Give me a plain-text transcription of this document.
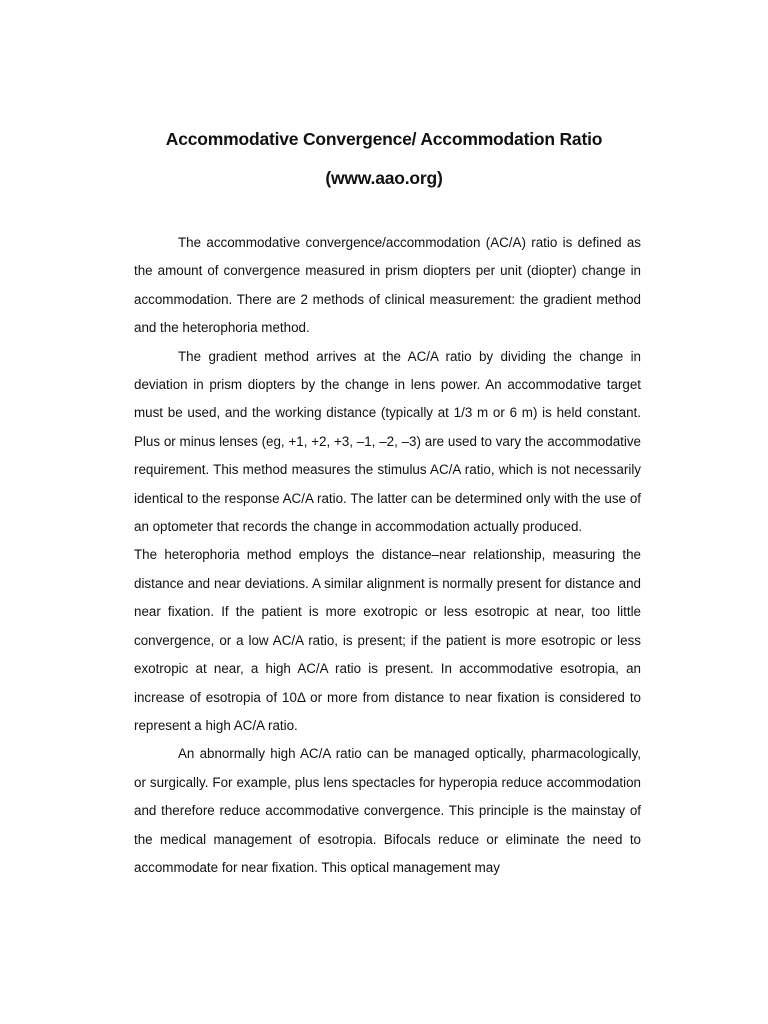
Accommodative Convergence/ Accommodation Ratio
(www.aao.org)

The accommodative convergence/accommodation (AC/A) ratio is defined as the amount of convergence measured in prism diopters per unit (diopter) change in accommodation. There are 2 methods of clinical measurement: the gradient method and the heterophoria method.

The gradient method arrives at the AC/A ratio by dividing the change in deviation in prism diopters by the change in lens power. An accommodative target must be used, and the working distance (typically at 1/3 m or 6 m) is held constant. Plus or minus lenses (eg, +1, +2, +3, –1, –2, –3) are used to vary the accommodative requirement. This method measures the stimulus AC/A ratio, which is not necessarily identical to the response AC/A ratio. The latter can be determined only with the use of an optometer that records the change in accommodation actually produced.

The heterophoria method employs the distance–near relationship, measuring the distance and near deviations. A similar alignment is normally present for distance and near fixation. If the patient is more exotropic or less esotropic at near, too little convergence, or a low AC/A ratio, is present; if the patient is more esotropic or less exotropic at near, a high AC/A ratio is present. In accommodative esotropia, an increase of esotropia of 10Δ or more from distance to near fixation is considered to represent a high AC/A ratio.

An abnormally high AC/A ratio can be managed optically, pharmacologically, or surgically. For example, plus lens spectacles for hyperopia reduce accommodation and therefore reduce accommodative convergence. This principle is the mainstay of the medical management of esotropia. Bifocals reduce or eliminate the need to accommodate for near fixation. This optical management may
